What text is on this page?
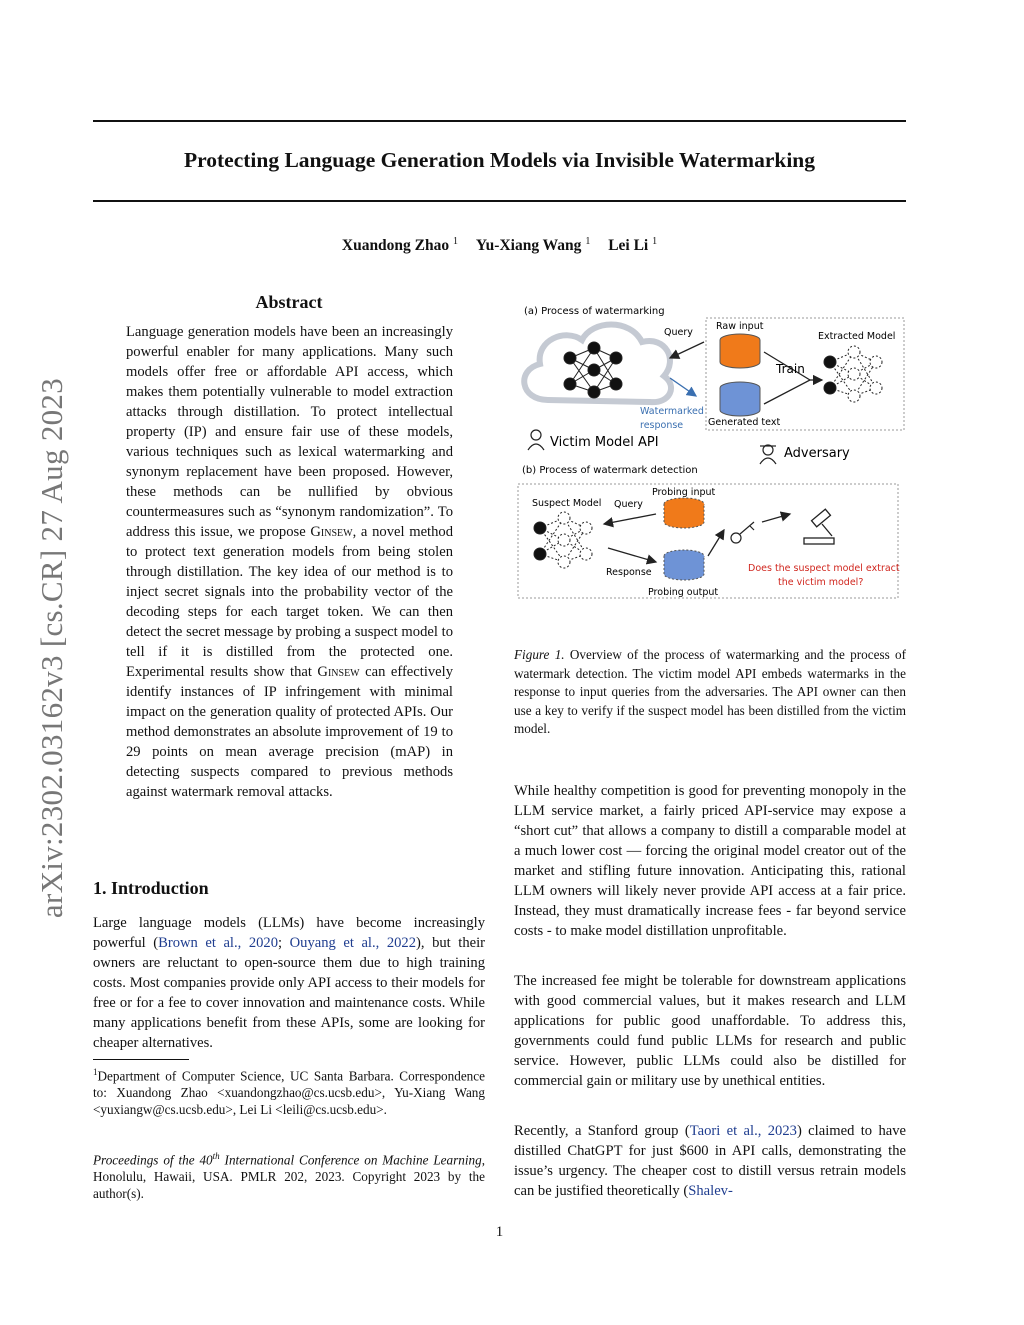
Protecting Language Generation Models via Invisible Watermarking
Xuandong Zhao $^1$ Yu-Xiang Wang $^1$ Lei Li $^1$
arXiv:2302.03162v3 [cs.CR] 27 Aug 2023
Abstract
Language generation models have been an increasingly powerful enabler for many applications. Many such models offer free or affordable API access, which makes them potentially vulnerable to model extraction attacks through distillation. To protect intellectual property (IP) and ensure fair use of these models, various techniques such as lexical watermarking and synonym replacement have been proposed. However, these methods can be nullified by obvious countermeasures such as “synonym randomization”. To address this issue, we propose Ginsew, a novel method to protect text generation models from being stolen through distillation. The key idea of our method is to inject secret signals into the probability vector of the decoding steps for each target token. We can then detect the secret message by probing a suspect model to tell if it is distilled from the protected one. Experimental results show that Ginsew can effectively identify instances of IP infringement with minimal impact on the generation quality of protected APIs. Our method demonstrates an absolute improvement of 19 to 29 points on mean average precision (mAP) in detecting suspects compared to previous methods against watermark removal attacks.
1. Introduction
Large language models (LLMs) have become increasingly powerful (Brown et al., 2020; Ouyang et al., 2022), but their owners are reluctant to open-source them due to high training costs. Most companies provide only API access to their models for free or for a fee to cover innovation and maintenance costs. While many applications benefit from these APIs, some are looking for cheaper alternatives.
$^1$Department of Computer Science, UC Santa Barbara. Correspondence to: Xuandong Zhao <xuandongzhao@cs.ucsb.edu>, Yu-Xiang Wang <yuxiangw@cs.ucsb.edu>, Lei Li <leili@cs.ucsb.edu>.
Proceedings of the 40th International Conference on Machine Learning, Honolulu, Hawaii, USA. PMLR 202, 2023. Copyright 2023 by the author(s).
(a) Process of watermarking
Query
Watermarked
response
Raw input
Generated text
Train
Extracted Model
Victim Model API
Adversary
(b) Process of watermark detection
Suspect Model Query
Probing input
Response
Probing output
Does the suspect model extract
the victim model?
Figure 1. Overview of the process of watermarking and the process of watermark detection. The victim model API embeds watermarks in the response to input queries from the adversaries. The API owner can then use a key to verify if the suspect model has been distilled from the victim model.
While healthy competition is good for preventing monopoly in the LLM service market, a fairly priced API-service may expose a “short cut” that allows a company to distill a comparable model at a much lower cost — forcing the original model creator out of the market and stifling future innovation. Anticipating this, rational LLM owners will likely never provide API access at a fair price. Instead, they must dramatically increase fees - far beyond service costs - to make model distillation unprofitable.
The increased fee might be tolerable for downstream applications with good commercial values, but it makes research and LLM applications for public good unaffordable. To address this, governments could fund public LLMs for research and public service. However, public LLMs could also be distilled for commercial gain or military use by unethical entities.
Recently, a Stanford group (Taori et al., 2023) claimed to have distilled ChatGPT for just $600 in API calls, demonstrating the issue’s urgency. The cheaper cost to distill versus retrain models can be justified theoretically (Shalev-
1
